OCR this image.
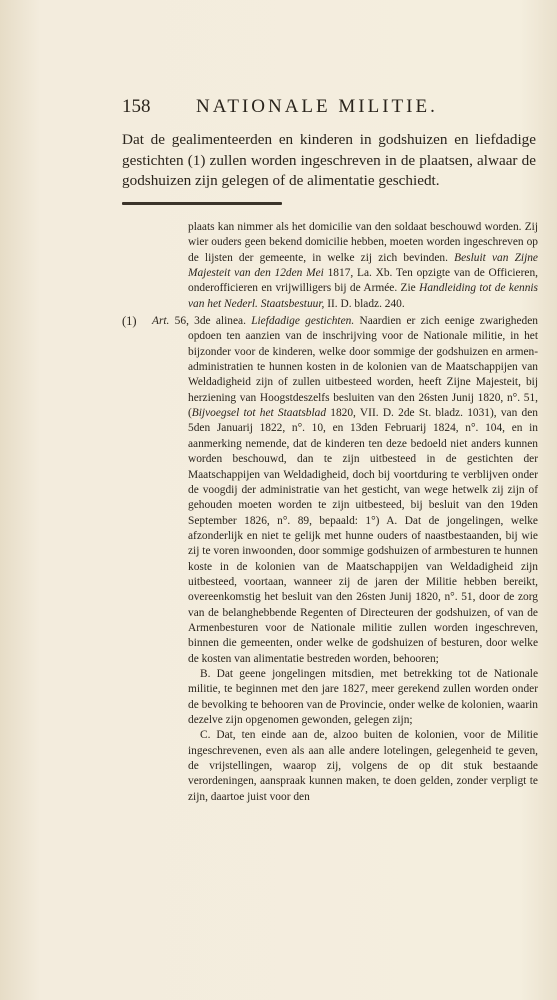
158 NATIONALE MILITIE.

Dat de gealimenteerden en kinderen in godshuizen en liefdadige gestichten (1) zullen worden ingeschreven in de plaatsen, alwaar de godshuizen zijn gelegen of de alimentatie geschiedt.

plaats kan nimmer als het domicilie van den soldaat beschouwd worden. Zij wier ouders geen bekend domicilie hebben, moeten worden ingeschreven op de lijsten der gemeente, in welke zij zich bevinden. Besluit van Zijne Majesteit van den 12den Mei 1817, La. Xb. Ten opzigte van de Officieren, onderofficieren en vrijwilligers bij de Armée. Zie Handleiding tot de kennis van het Nederl. Staatsbestuur, II. D. bladz. 240.

(1)	Art. 56, 3de alinea. Liefdadige gestichten. Naardien er zich eenige zwarigheden opdoen ten aanzien van de inschrijving voor de Nationale militie, in het bijzonder voor de kinderen, welke door sommige der godshuizen en armen-administratien te hunnen kosten in de kolonien van de Maatschappijen van Weldadigheid zijn of zullen uitbesteed worden, heeft Zijne Majesteit, bij herziening van Hoogstdeszelfs besluiten van den 26sten Junij 1820, n°. 51, (Bijvoegsel tot het Staatsblad 1820, VII. D. 2de St. bladz. 1031), van den 5den Januarij 1822, n°. 10, en 13den Februarij 1824, n°. 104, en in aanmerking nemende, dat de kinderen ten deze bedoeld niet anders kunnen worden beschouwd, dan te zijn uitbesteed in de gestichten der Maatschappijen van Weldadigheid, doch bij voortduring te verblijven onder de voogdij der administratie van het gesticht, van wege hetwelk zij zijn of gehouden moeten worden te zijn uitbesteed, bij besluit van den 19den September 1826, n°. 89, bepaald: 1°) A. Dat de jongelingen, welke afzonderlijk en niet te gelijk met hunne ouders of naastbestaanden, bij wie zij te voren inwoonden, door sommige godshuizen of armbesturen te hunnen koste in de kolonien van de Maatschappijen van Weldadigheid zijn uitbesteed, voortaan, wanneer zij de jaren der Militie hebben bereikt, overeenkomstig het besluit van den 26sten Junij 1820, n°. 51, door de zorg van de belanghebbende Regenten of Directeuren der godshuizen, of van de Armenbesturen voor de Nationale militie zullen worden ingeschreven, binnen die gemeenten, onder welke de godshuizen of besturen, door welke de kosten van alimentatie bestreden worden, behooren;

B. Dat geene jongelingen mitsdien, met betrekking tot de Nationale militie, te beginnen met den jare 1827, meer gerekend zullen worden onder de bevolking te behooren van de Provincie, onder welke de kolonien, waarin dezelve zijn opgenomen gewonden, gelegen zijn;

C. Dat, ten einde aan de, alzoo buiten de kolonien, voor de Militie ingeschrevenen, even als aan alle andere lotelingen, gelegenheid te geven, de vrijstellingen, waarop zij, volgens de op dit stuk bestaande verordeningen, aanspraak kunnen maken, te doen gelden, zonder verpligt te zijn, daartoe juist voor den
